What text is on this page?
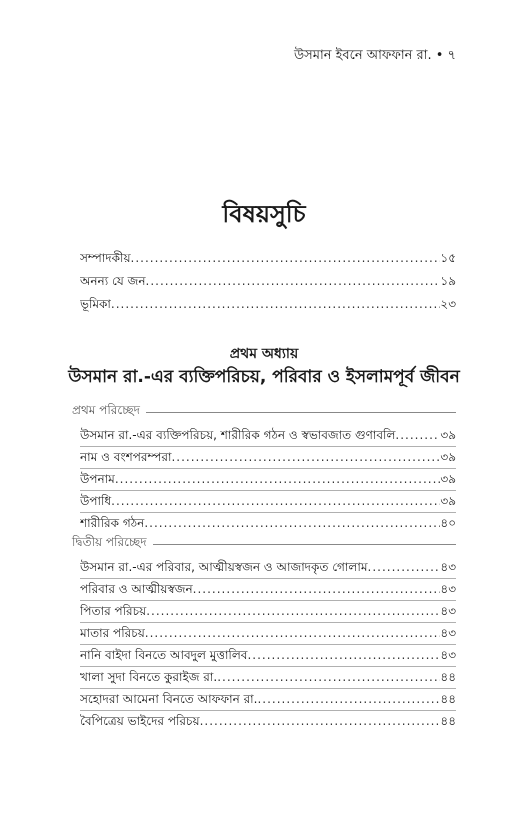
উসমান ইবনে আফফান রা. • ৭
বিষয়সুচি
সম্পাদকীয় .....	১৫
অনন্য যে জন .....	১৯
ভূমিকা .....	২৩
প্রথম অধ্যায়
উসমান রা.-এর ব্যক্তিপরিচয়, পরিবার ও ইসলামপূর্ব জীবন
প্রথম পরিচ্ছেদ
উসমান রা.-এর ব্যক্তিপরিচয়, শারীরিক গঠন ও স্বভাবজাত গুণাবলি .....	৩৯
নাম ও বংশপরম্পরা .....	৩৯
উপনাম .....	৩৯
উপাধি .....	৩৯
শারীরিক গঠন .....	৪০
দ্বিতীয় পরিচ্ছেদ
উসমান রা.-এর পরিবার, আত্মীয়স্বজন ও আজাদকৃত গোলাম .....	৪৩
পরিবার ও আত্মীয়স্বজন .....	৪৩
পিতার পরিচয় .....	৪৩
মাতার পরিচয় .....	৪৩
নানি বাইদা বিনতে আবদুল মুত্তালিব .....	৪৩
খালা সুদা বিনতে কুরাইজ রা. .....	৪৪
সহোদরা আমেনা বিনতে আফফান রা. .....	৪৪
বৈপিত্রেয় ভাইদের পরিচয় .....	৪৪
